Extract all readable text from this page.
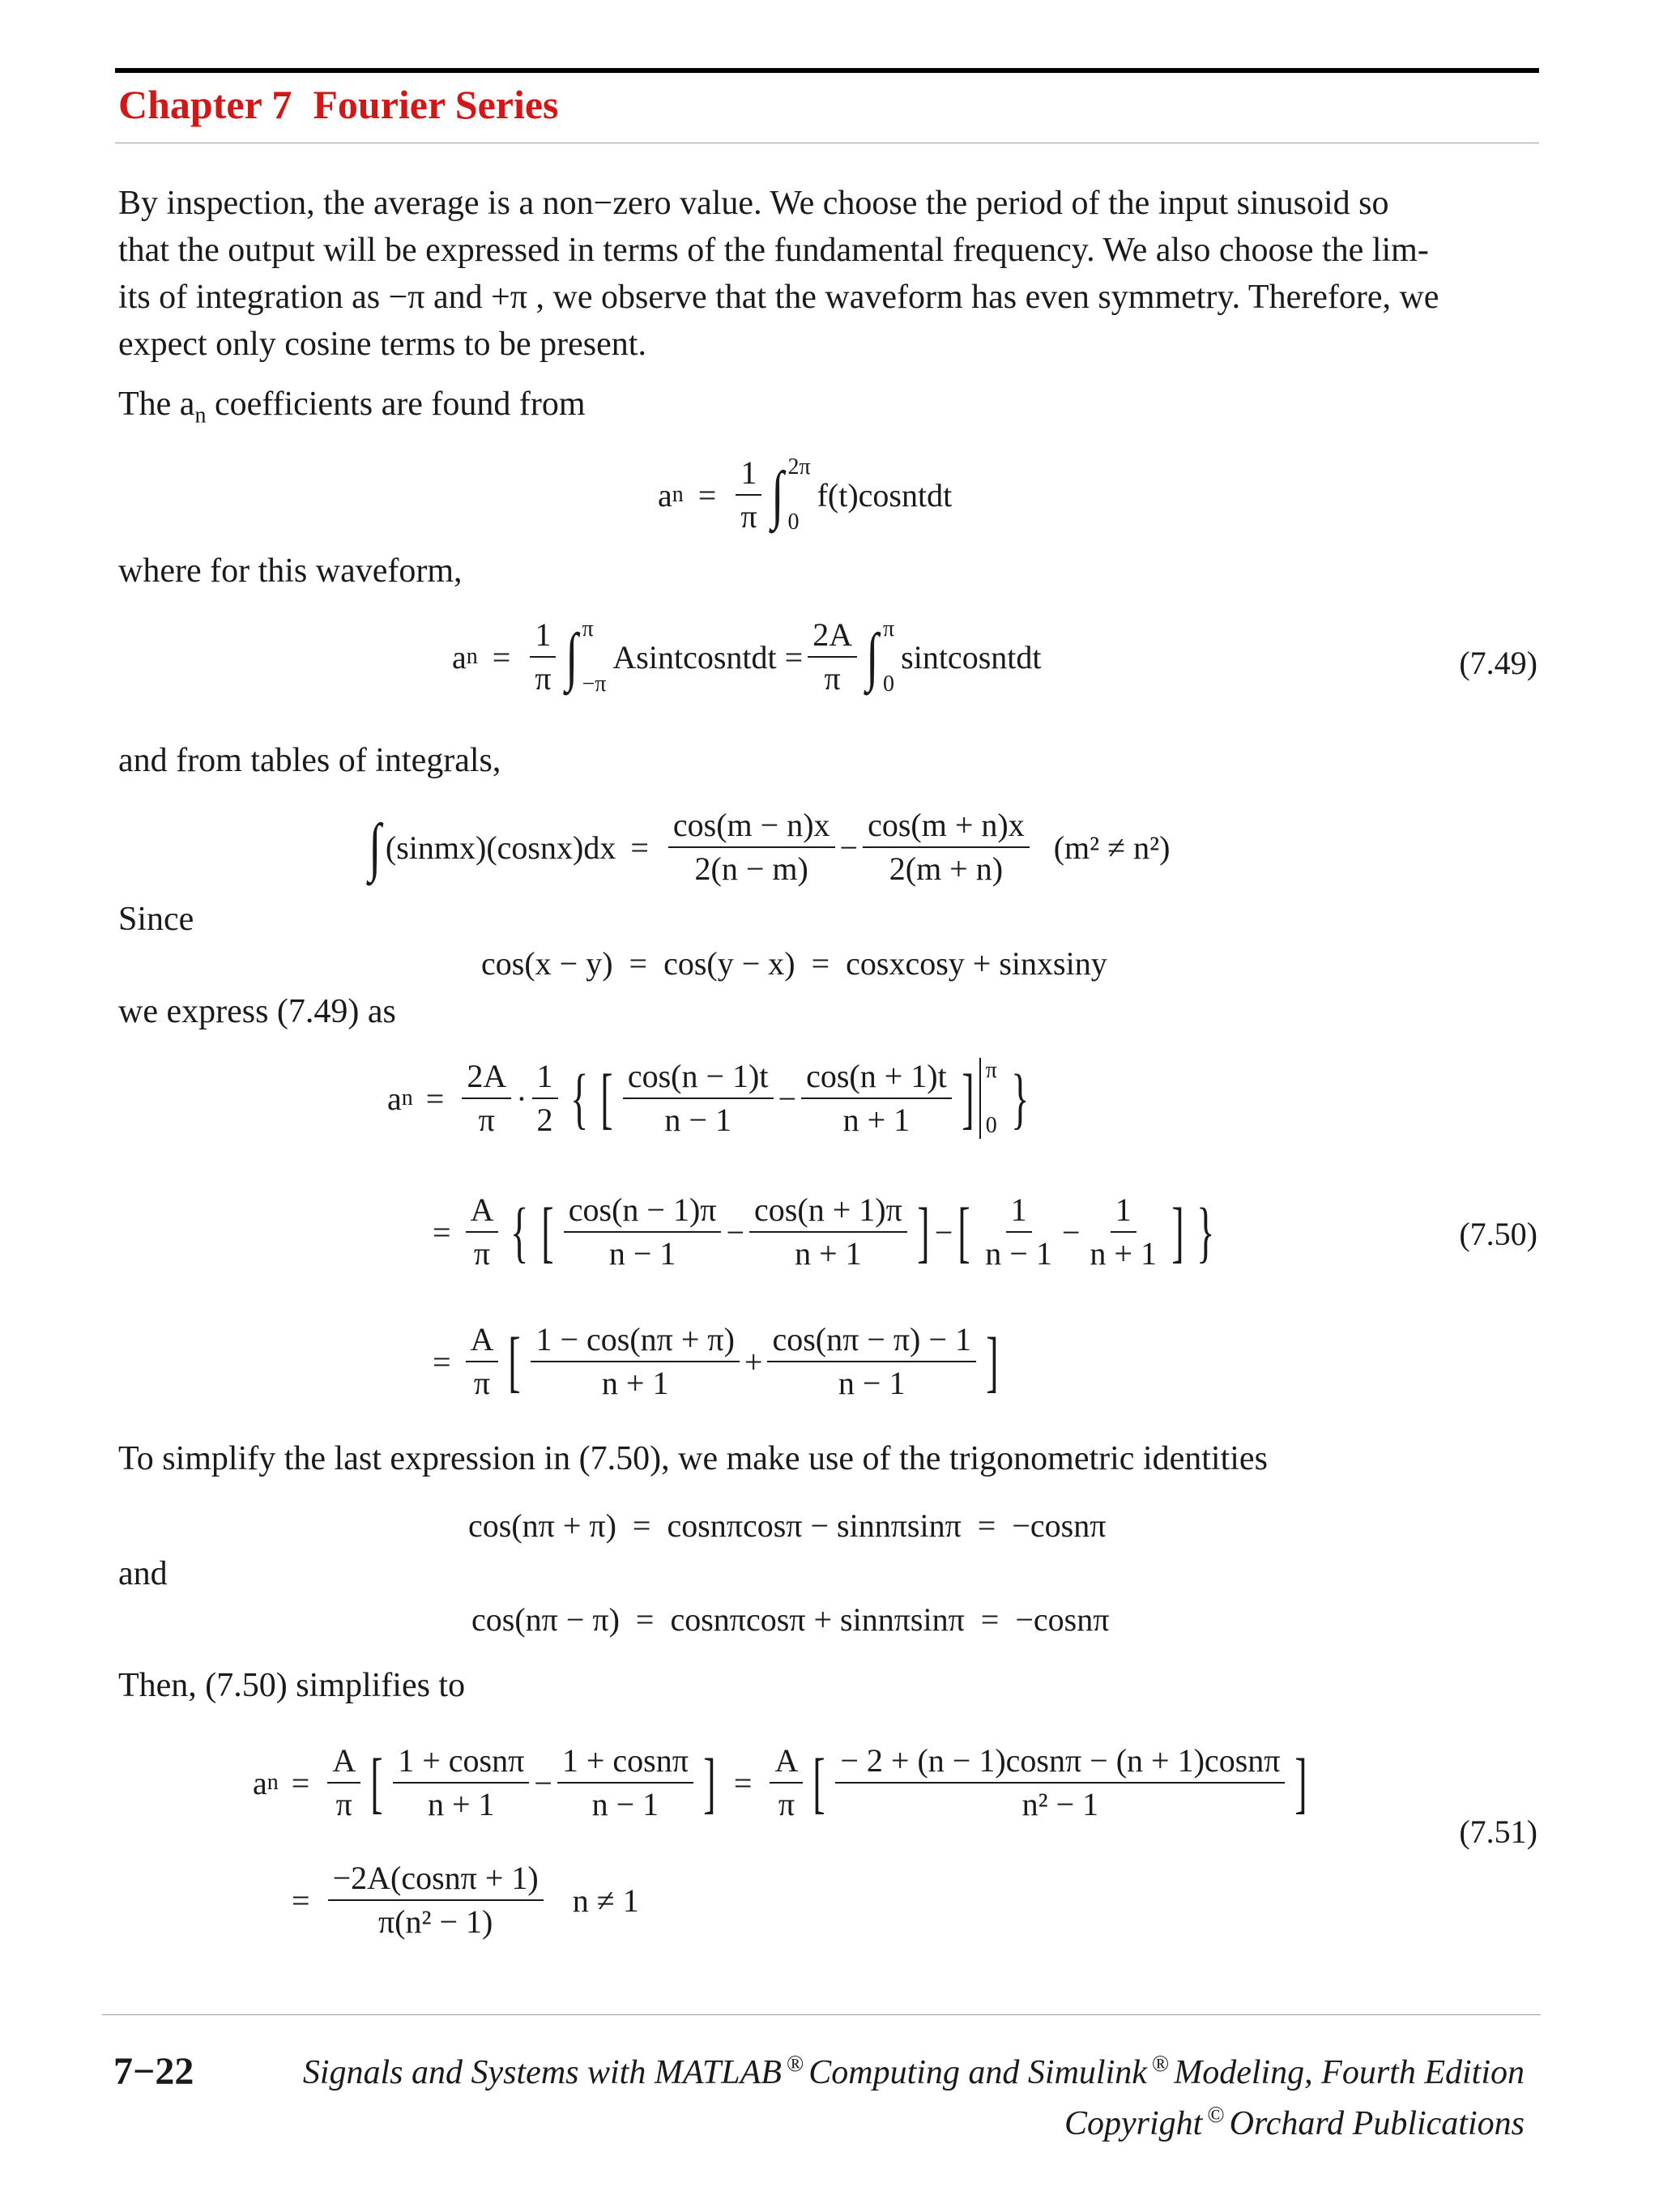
Chapter 7 Fourier Series
By inspection, the average is a non−zero value. We choose the period of the input sinusoid so
that the output will be expressed in terms of the fundamental frequency. We also choose the lim-
its of integration as −π and +π , we observe that the waveform has even symmetry. Therefore, we
expect only cosine terms to be present.
The $a_n$ coefficients are found from
a $n = \frac{1}{\pi}$ ∫ 2π
0
f(t)cosntdt
where for this waveform,
a $n = \frac{1}{\pi}$ ∫ π
−π
Asintcosntdt = $\frac{2A}{\pi}$ ∫ π
0
sintcosntdt	(7.49)
and from tables of integrals,
∫ (sinmx)(cosnx)dx = $\frac{\cos(m - n)x}{2(n - m)} - \frac{\cos(m + n)x}{2(m + n)} (m^2 \ne n^2)$
Since
cos(x − y)  =  cos(y − x)  =  cosxcosy + sinxsiny
we express (7.49) as
a $n = \frac{2A}{\pi} \cdot \frac{1}{2}$ { [ $\frac{\cos(n - 1)t}{n - 1} - \frac{\cos(n + 1)t}{n + 1}$ ] π
0 }
= $\frac{A}{\pi}$ { [ $\frac{\cos(n - 1)\pi}{n - 1} - \frac{\cos(n + 1)\pi}{n + 1}$ ] − [ $\frac{1}{n - 1} - \frac{1}{n + 1}$ ] }	(7.50)
= $\frac{A}{\pi}$ [ $\frac{1 - \cos(n\pi + \pi)}{n + 1} + \frac{\cos(n\pi - \pi) - 1}{n - 1}$ ]
To simplify the last expression in (7.50), we make use of the trigonometric identities
cos(nπ + π)  =  cosnπcosπ − sinnπsinπ  =  −cosnπ
and
cos(nπ − π)  =  cosnπcosπ + sinnπsinπ  =  −cosnπ
Then, (7.50) simplifies to
a $n = \frac{A}{\pi}$ [ $\frac{1 + \cos n\pi}{n + 1} - \frac{1 + \cos n\pi}{n - 1}$ ] = $\frac{A}{\pi}$ [ $\frac{- 2 + (n - 1)\cos n\pi - (n + 1)\cos n\pi}{\text{n² − 1}}$ ]
(7.51)
= $\frac{-2A(\cos n\pi + 1)}{\text{π(n² − 1)}}$ n ≠ 1
7−22	Signals and Systems with MATLAB ® Computing and Simulink ® Modeling, Fourth Edition
Copyright © Orchard Publications
